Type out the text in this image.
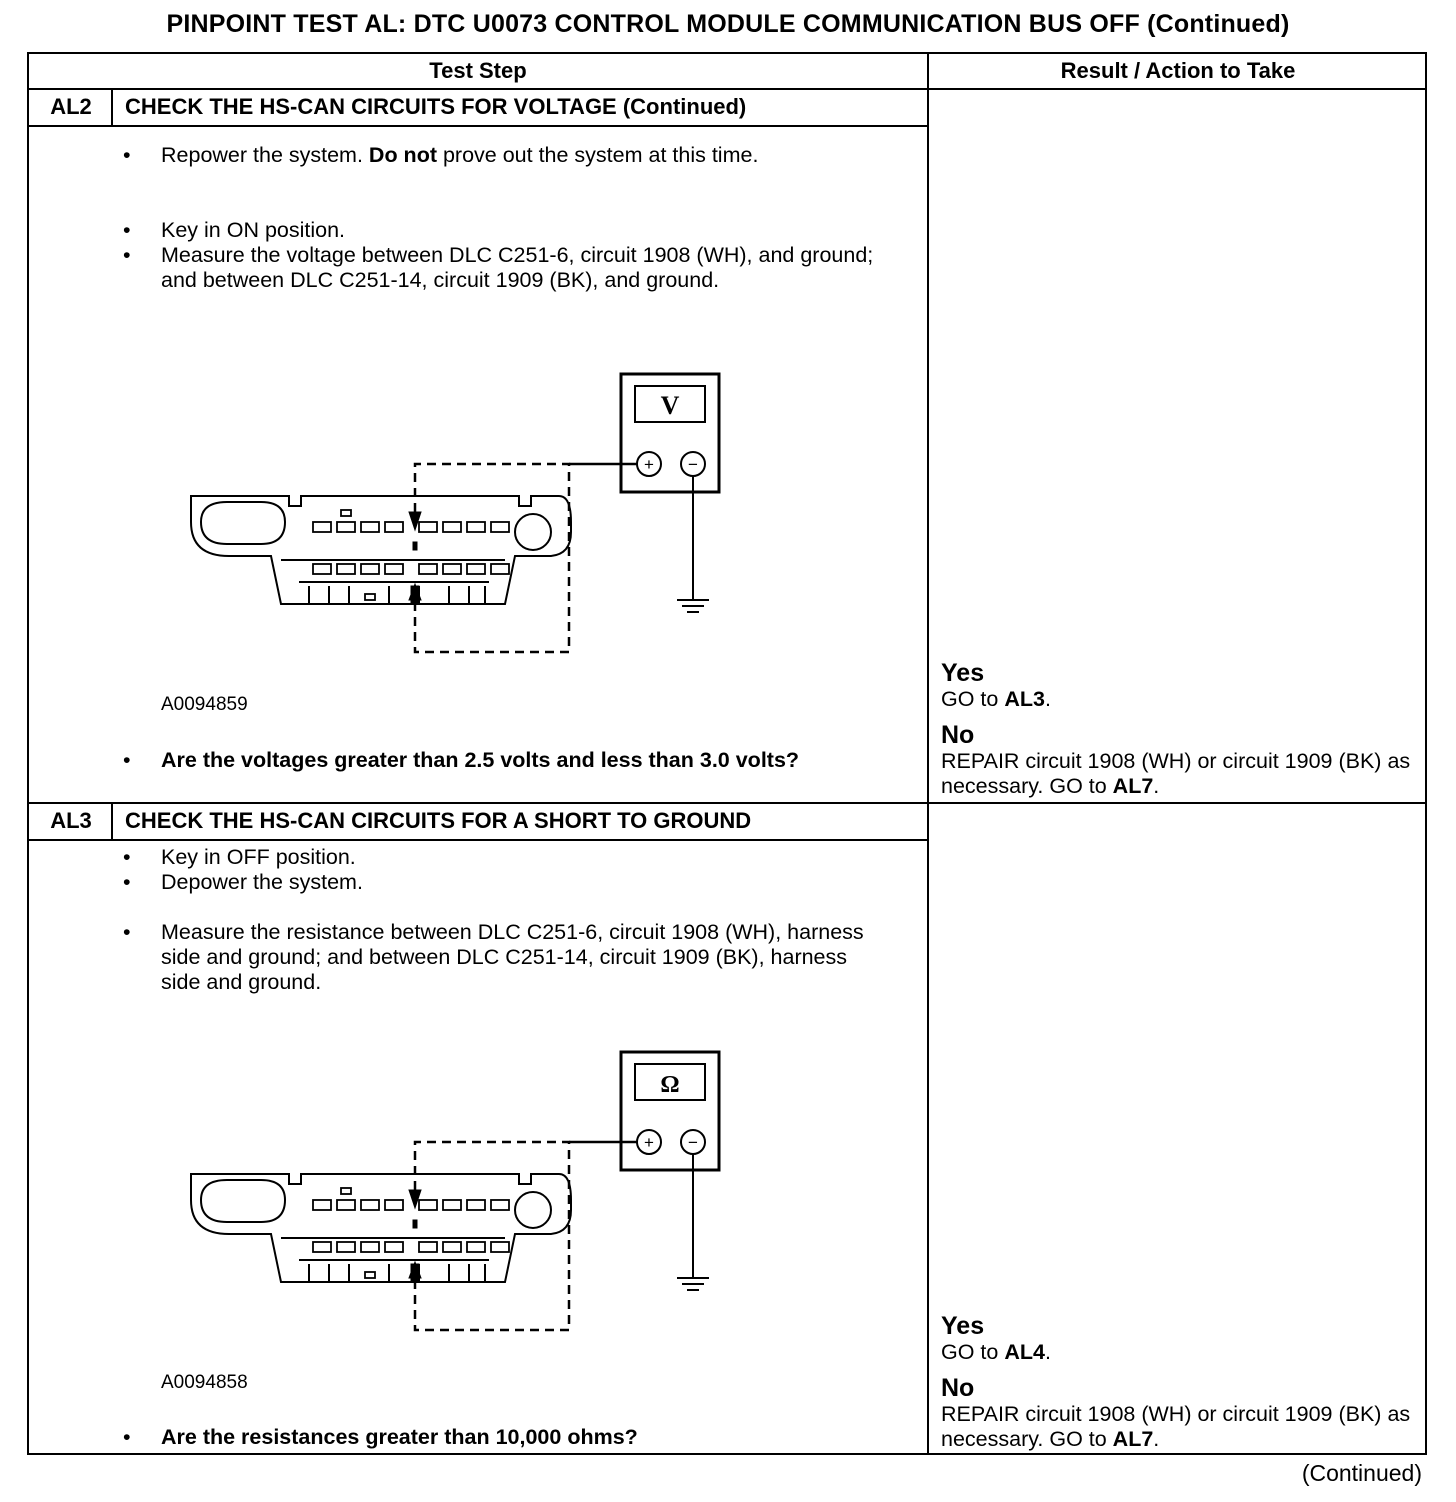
PINPOINT TEST AL: DTC U0073 CONTROL MODULE COMMUNICATION BUS OFF (Continued)
Test Step	Result / Action to Take
AL2	CHECK THE HS-CAN CIRCUITS FOR VOLTAGE (Continued)
• Repower the system. Do not prove out the system at this time.
• Key in ON position.
• Measure the voltage between DLC C251-6, circuit 1908 (WH), and ground; and between DLC C251-14, circuit 1909 (BK), and ground.
V
+ −
A0094859
• Are the voltages greater than 2.5 volts and less than 3.0 volts?
Yes
GO to AL3.
No
REPAIR circuit 1908 (WH) or circuit 1909 (BK) as necessary. GO to AL7.
AL3	CHECK THE HS-CAN CIRCUITS FOR A SHORT TO GROUND
• Key in OFF position.
• Depower the system.
• Measure the resistance between DLC C251-6, circuit 1908 (WH), harness side and ground; and between DLC C251-14, circuit 1909 (BK), harness side and ground.
Ω
+ −
A0094858
• Are the resistances greater than 10,000 ohms?
Yes
GO to AL4.
No
REPAIR circuit 1908 (WH) or circuit 1909 (BK) as necessary. GO to AL7.
(Continued)
